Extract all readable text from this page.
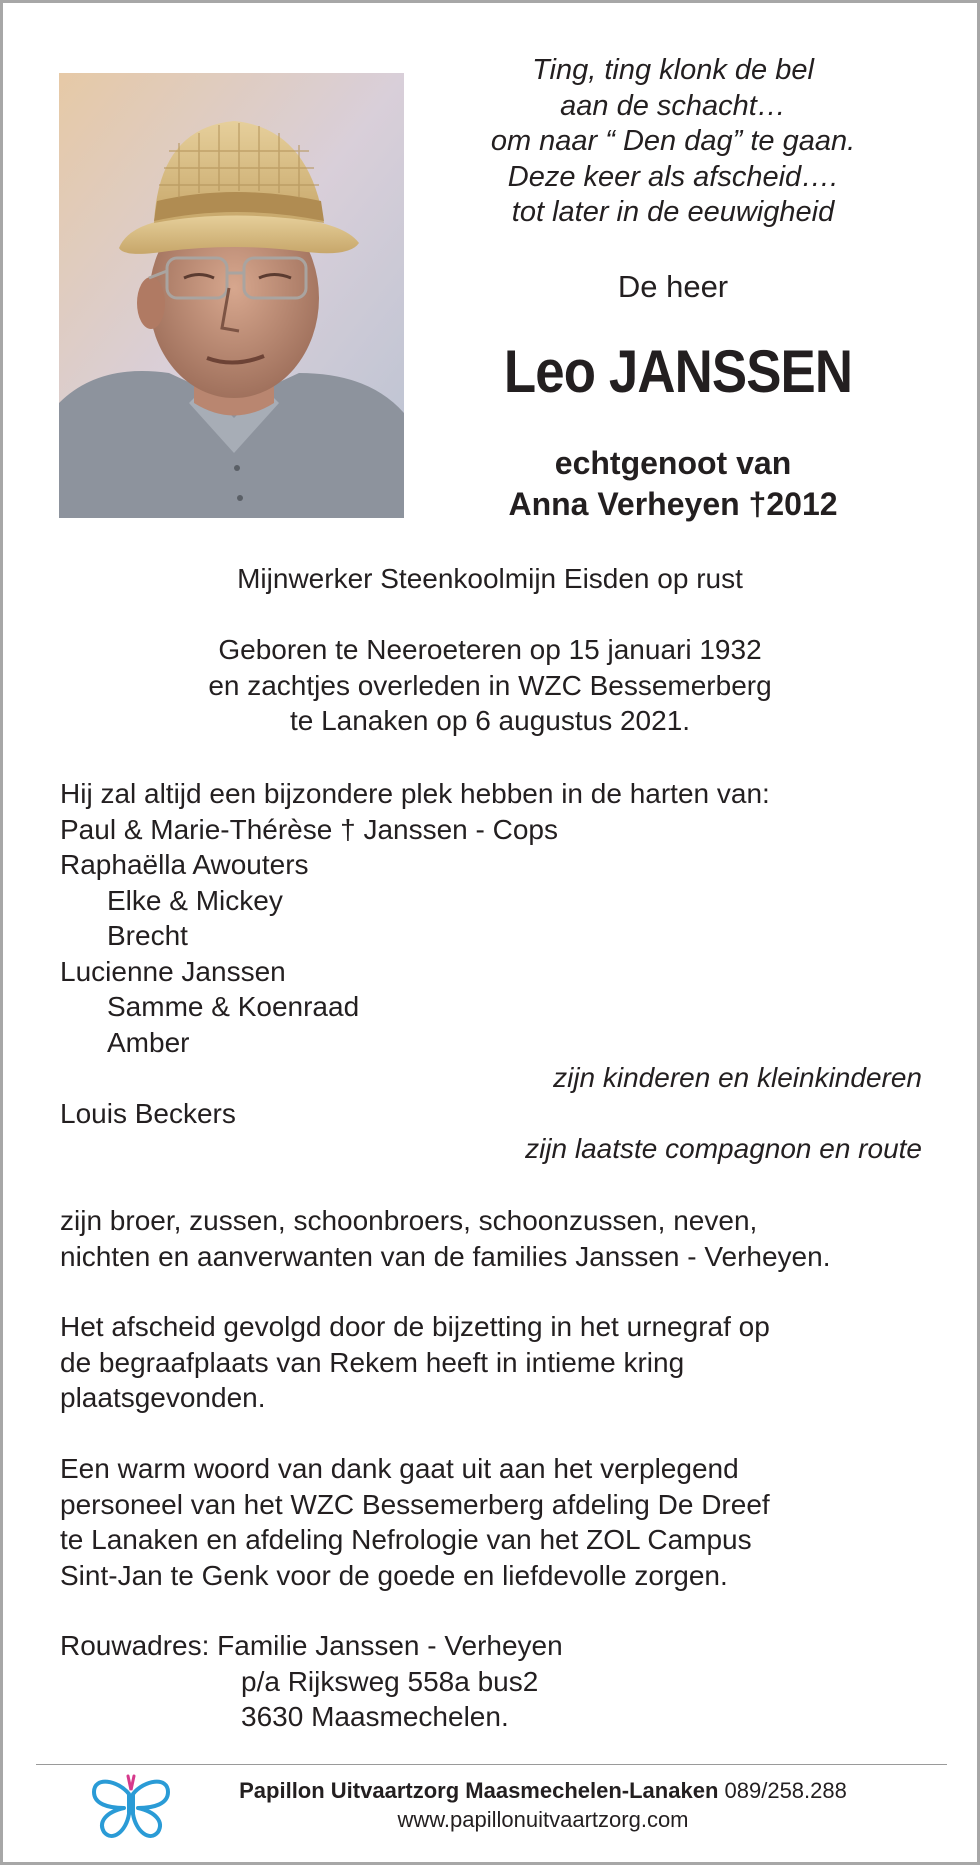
Ting, ting klonk de bel
aan de schacht…
om naar “ Den dag” te gaan.
Deze keer als afscheid….
tot later in de eeuwigheid
De heer
Leo JANSSEN
echtgenoot van
Anna Verheyen †2012
Mijnwerker Steenkoolmijn Eisden op rust
Geboren te Neeroeteren op 15 januari 1932
en zachtjes overleden in WZC Bessemerberg
te Lanaken op 6 augustus 2021.
Hij zal altijd een bijzondere plek hebben in de harten van:
Paul & Marie-Thérèse † Janssen - Cops
Raphaëlla Awouters
Elke & Mickey
Brecht
Lucienne Janssen
Samme & Koenraad
Amber
zijn kinderen en kleinkinderen
Louis Beckers
zijn laatste compagnon en route
zijn broer, zussen, schoonbroers, schoonzussen, neven,
nichten en aanverwanten van de families Janssen - Verheyen.
Het afscheid gevolgd door de bijzetting in het urnegraf op
de begraafplaats van Rekem heeft in intieme kring
plaatsgevonden.
Een warm woord van dank gaat uit aan het verplegend
personeel van het WZC Bessemerberg afdeling De Dreef
te Lanaken en afdeling Nefrologie van het ZOL Campus
Sint-Jan te Genk voor de goede en liefdevolle zorgen.
Rouwadres: Familie Janssen - Verheyen
p/a Rijksweg 558a bus2
3630 Maasmechelen.
Papillon Uitvaartzorg Maasmechelen-Lanaken 089/258.288
www.papillonuitvaartzorg.com
